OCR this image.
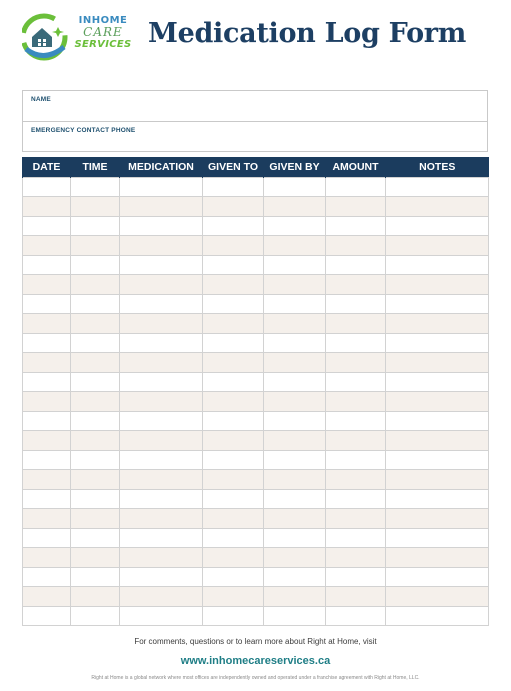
INHOME
CARE
SERVICES Medication Log Form
NAME
EMERGENCY CONTACT PHONE
DATE	TIME	MEDICATION	GIVEN TO	GIVEN BY	AMOUNT	NOTES

For comments, questions or to learn more about Right at Home, visit
www.inhomecareservices.ca
Right at Home is a global network where most offices are independently owned and operated under a franchise agreement with Right at Home, LLC.
